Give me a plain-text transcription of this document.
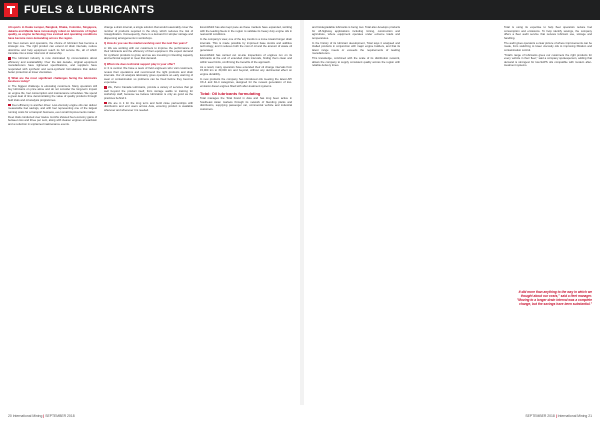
FUELS & LUBRICANTS

All-sports in Kuala Lumpur, Bangkok, Dhaka, Colombo, Singapore, Jakarta and Manila have increasingly relied on lubricants of higher quality, as engine technology has evolved and operating conditions have become more demanding across the region.

For fleet owners and operators, the choice of lubricant has become a strategic one. The right product can extend oil drain intervals, reduce downtime and help equipment reach its full service life, all of which translate into a lower total cost of ownership.

The lubricant industry is now dominated by conversations about efficiency and sustainability. Over the last decade, original equipment manufacturers have tightened specifications, and suppliers have responded with synthetic and semi-synthetic formulations that deliver better protection at lower viscosities.

Q What are the most significant challenges facing the lubricants business today?

A: The biggest challenge is educating customers. Many operators still buy lubricants on price alone and do not consider the long-term impact on engine life, fuel consumption and maintenance schedules. We spend a great deal of time demonstrating the value of quality products through field trials and oil analysis programmes.

Fuel efficiency is another driver. Low-viscosity engine oils can deliver measurable fuel savings, and with fuel representing one of the largest running costs for a transport business, even small improvements matter.

Fleet trials conducted over twelve months showed fuel economy gains of between two and three per cent, along with cleaner engines at teardown and a reduction in unplanned maintenance events.

change a drain interval, a single solution that would reasonably cover the number of products required in the shop, which reduces the risk of misapplication. Consequently, there is a demand for simpler storage and dispensing arrangements in workshops.

Q How do you see the market evolving over the next five years?

A: We are working with our customers to improve the performance of their lubricants and the efficiency of their equipment. We expect demand for synthetic products to grow, and we are investing in blending capacity and technical support to meet that demand.

Q What role does technical support play in your offer?

A: It is central. We have a team of field engineers who visit customers, review their operations and recommend the right products and drain intervals. Our oil analysis laboratory gives operators an early warning of wear or contamination so problems can be fixed before they become expensive.

We, Petro Canada Lubricants, provide a variety of services that go well beyond the product itself, from storage audits to training for workshop staff, because we believe lubrication is only as good as the practices behind it.

We are in it for the long term and build close partnerships with distributors and end users across Asia, ensuring product is available wherever and whenever it is needed.

ExxonMobil has also kept pace as these markets have expanded, working with the leading fleets in the region to validate its heavy duty engine oils in real-world conditions.

In the company's view, one of the key trends is a move toward longer drain intervals. This is made possible by improved base stocks and additive technology, and it reduces both the cost of oil and the amount of waste oil generated.

ExxonMobil has carried out on-site inspections of engines run on its lubricants at the end of extended drain intervals, finding them clean and within wear limits, confirming the benefits of the approach.

As a result, many operators have extended their oil change intervals from 15,000 km to 30,000 km and beyond, without any detrimental effect on engine durability.

In new products the company has introduced oils meeting the latest API CK-4 and FA-4 categories, designed for the newest generation of low-emission diesel engines fitted with after-treatment systems.

Total: Oil lubricants formulating

Total manages the Total brand in Asia and has long been active in Southeast Asian markets through its network of blending plants and distributors, supplying passenger car, commercial vehicle and industrial customers.

and biodegradable lubricants is being met. Total also develops products for off-highway applications including mining, construction and agriculture, where equipment operates under extreme loads and temperatures.

In the history of its lubricant development, Total says it analysed and trialled products in conjunction with major engine builders, and that its latest range meets or exceeds the requirements of leading manufacturers.

This knowledge, combined with the scale of its distribution network, allows the company to supply consistent quality across the region with reliable delivery times.

Total is using its expertise to help fleet operators reduce fuel consumption and emissions. To help identify savings, the company offers a fleet audit service that reviews lubricant use, storage and handling.

The audit gives operators a clear picture of where improvements can be made, from switching to lower viscosity oils to improving filtration and contamination control.

"Total's range of lubricants gives our customers the right products for every vehicle in their fleet," said a company spokesperson, adding that demand is strongest for low-SAPS oils compatible with modern after-treatment systems.

It did more than anything to the way in which we thought about our costs," said a fleet manager. "Moving to a longer drain interval was a complete change, but the savings have been substantial."
20 International Mining | SEPTEMBER 2018	SEPTEMBER 2018 | International Mining 21
